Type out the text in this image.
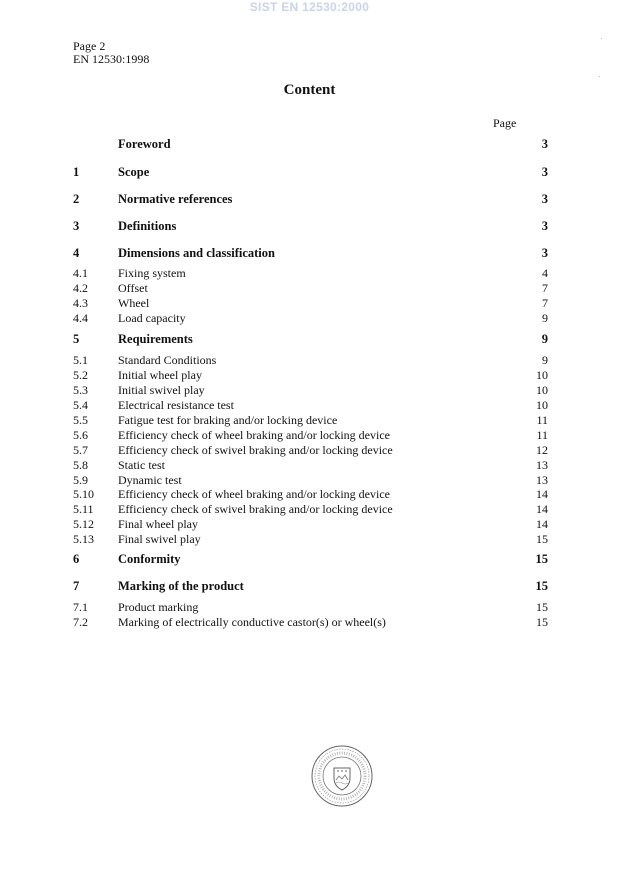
SIST EN 12530:2000
Page 2
EN 12530:1998
Content
Page
Foreword	3
1	Scope	3
2	Normative references	3
3	Definitions	3
4	Dimensions and classification	3
4.1	Fixing system	4
4.2	Offset	7
4.3	Wheel	7
4.4	Load capacity	9
5	Requirements	9
5.1	Standard Conditions	9
5.2	Initial wheel play	10
5.3	Initial swivel play	10
5.4	Electrical resistance test	10
5.5	Fatigue test for braking and/or locking device	11
5.6	Efficiency check of wheel braking and/or locking device	11
5.7	Efficiency check of swivel braking and/or locking device	12
5.8	Static test	13
5.9	Dynamic test	13
5.10 Efficiency check of wheel braking and/or locking device	14
5.11 Efficiency check of swivel braking and/or locking device	14
5.12 Final wheel play	14
5.13 Final swivel play	15
6	Conformity	15
7	Marking of the product	15
7.1	Product marking	15
7.2	Marking of electrically conductive castor(s) or wheel(s)	15
